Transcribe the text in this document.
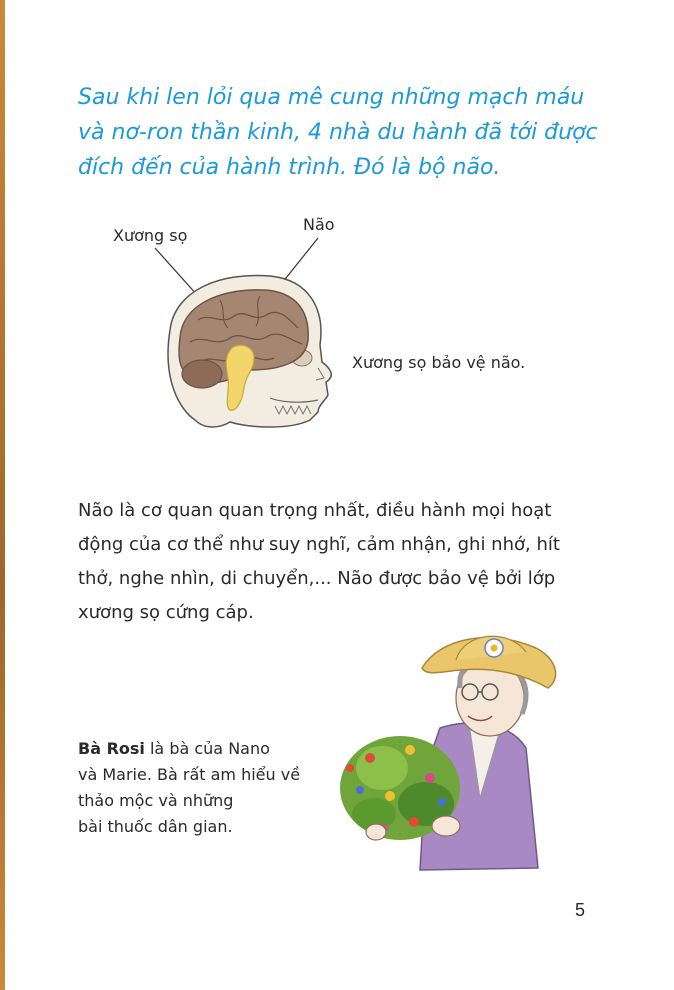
Sau khi len lỏi qua mê cung những mạch máu
và nơ-ron thần kinh, 4 nhà du hành đã tới được
đích đến của hành trình. Đó là bộ não.
Xương sọ
Não
Xương sọ bảo vệ não.
Não là cơ quan quan trọng nhất, điều hành mọi hoạt
động của cơ thể như suy nghĩ, cảm nhận, ghi nhớ, hít
thở, nghe nhìn, di chuyển,... Não được bảo vệ bởi lớp
xương sọ cứng cáp.
Bà Rosi là bà của Nano
và Marie. Bà rất am hiểu về
thảo mộc và những
bài thuốc dân gian.
5
